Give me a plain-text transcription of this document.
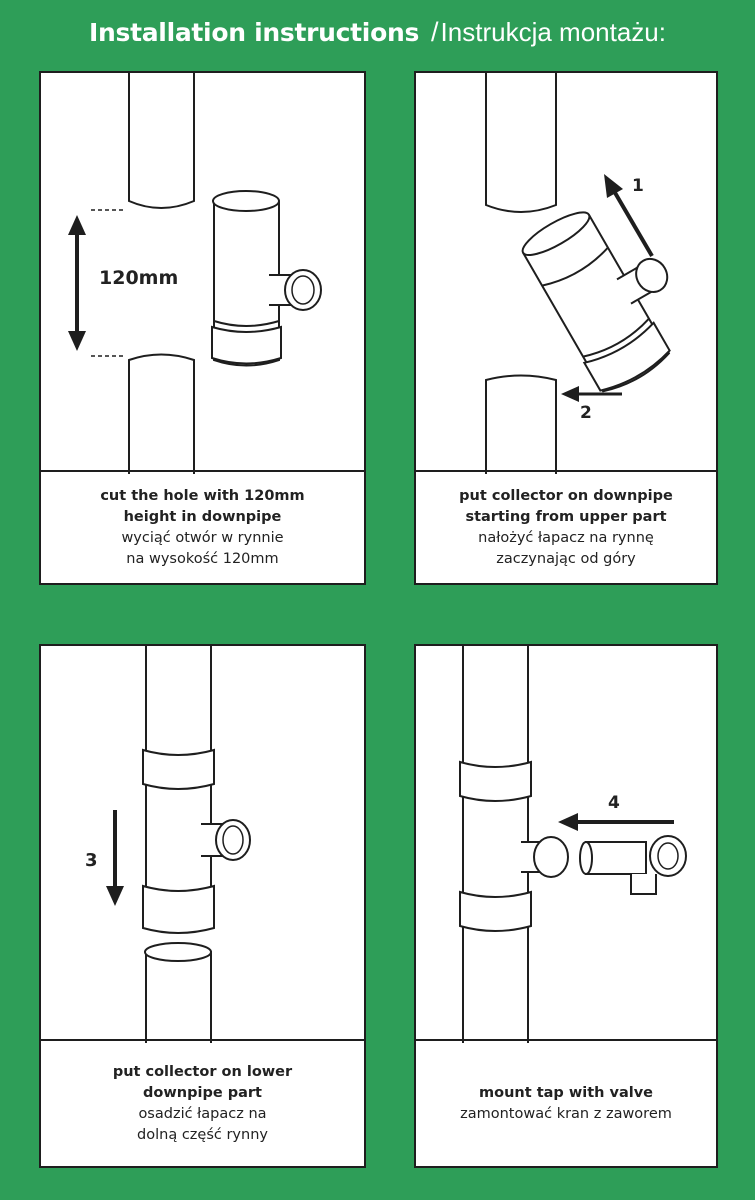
Installation instructions /Instrukcja montażu:
120mm
cut the hole with 120mm
height in downpipe
wyciąć otwór w rynnie
na wysokość 120mm
1
2
put collector on downpipe
starting from upper part
nałożyć łapacz na rynnę
zaczynając od góry
3
put collector on lower
downpipe part
osadzić łapacz na
dolną część rynny
4
mount tap with valve
zamontować kran z zaworem
